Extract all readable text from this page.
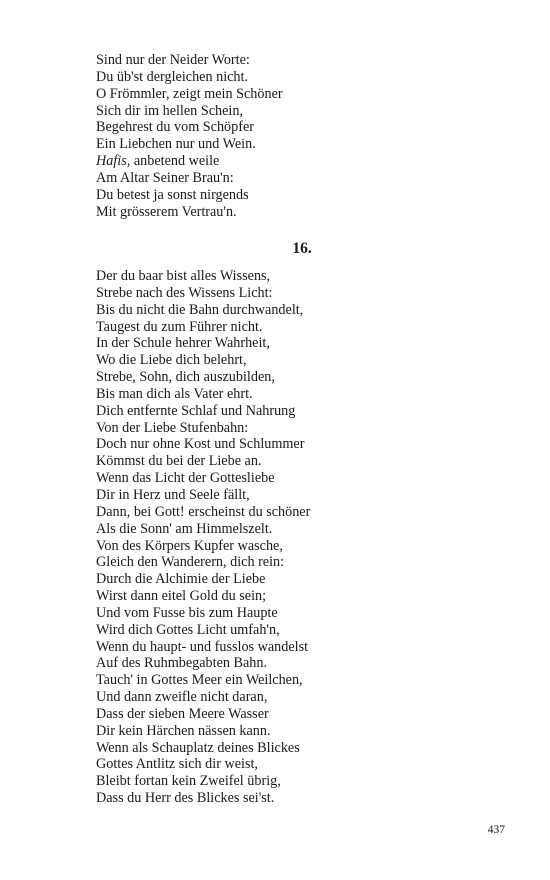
Sind nur der Neider Worte:
Du üb'st dergleichen nicht.
O Frömmler, zeigt mein Schöner
Sich dir im hellen Schein,
Begehrest du vom Schöpfer
Ein Liebchen nur und Wein.
Hafis, anbetend weile
Am Altar Seiner Brau'n:
Du betest ja sonst nirgends
Mit grösserem Vertrau'n.
16.
Der du baar bist alles Wissens,
Strebe nach des Wissens Licht:
Bis du nicht die Bahn durchwandelt,
Taugest du zum Führer nicht.
In der Schule hehrer Wahrheit,
Wo die Liebe dich belehrt,
Strebe, Sohn, dich auszubilden,
Bis man dich als Vater ehrt.
Dich entfernte Schlaf und Nahrung
Von der Liebe Stufenbahn:
Doch nur ohne Kost und Schlummer
Kömmst du bei der Liebe an.
Wenn das Licht der Gottesliebe
Dir in Herz und Seele fällt,
Dann, bei Gott! erscheinst du schöner
Als die Sonn' am Himmelszelt.
Von des Körpers Kupfer wasche,
Gleich den Wanderern, dich rein:
Durch die Alchimie der Liebe
Wirst dann eitel Gold du sein;
Und vom Fusse bis zum Haupte
Wird dich Gottes Licht umfah'n,
Wenn du haupt- und fusslos wandelst
Auf des Ruhmbegabten Bahn.
Tauch' in Gottes Meer ein Weilchen,
Und dann zweifle nicht daran,
Dass der sieben Meere Wasser
Dir kein Härchen nässen kann.
Wenn als Schauplatz deines Blickes
Gottes Antlitz sich dir weist,
Bleibt fortan kein Zweifel übrig,
Dass du Herr des Blickes sei'st.
437
